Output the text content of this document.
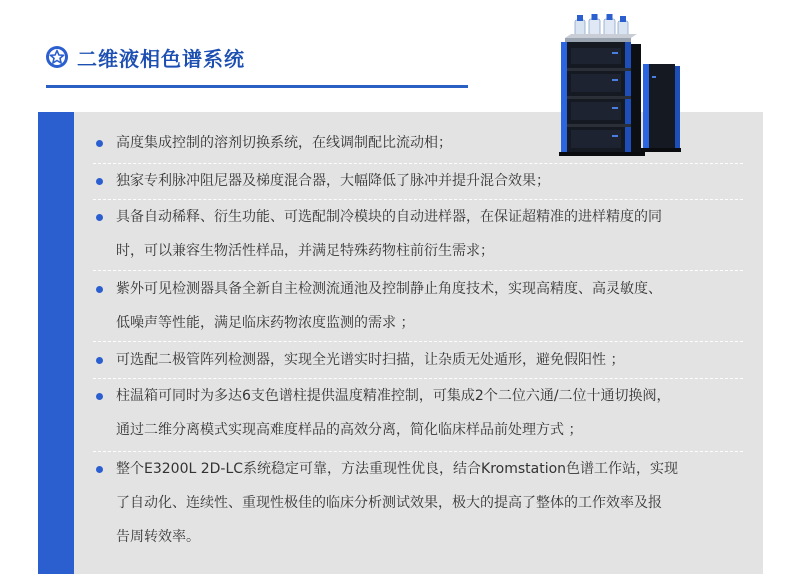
二维液相色谱系统
高度集成控制的溶剂切换系统，在线调制配比流动相；
独家专利脉冲阻尼器及梯度混合器，大幅降低了脉冲并提升混合效果；
具备自动稀释、衍生功能、可选配制冷模块的自动进样器，在保证超精准的进样精度的同
时，可以兼容生物活性样品，并满足特殊药物柱前衍生需求；
紫外可见检测器具备全新自主检测流通池及控制静止角度技术，实现高精度、高灵敏度、
低噪声等性能，满足临床药物浓度监测的需求 ；
可选配二极管阵列检测器，实现全光谱实时扫描，让杂质无处遁形，避免假阳性 ；
柱温箱可同时为多达6支色谱柱提供温度精准控制，可集成2个二位六通/二位十通切换阀，
通过二维分离模式实现高难度样品的高效分离，简化临床样品前处理方式 ；
整个E3200L 2D-LC系统稳定可靠，方法重现性优良，结合Kromstation色谱工作站，实现
了自动化、连续性、重现性极佳的临床分析测试效果，极大的提高了整体的工作效率及报
告周转效率。
